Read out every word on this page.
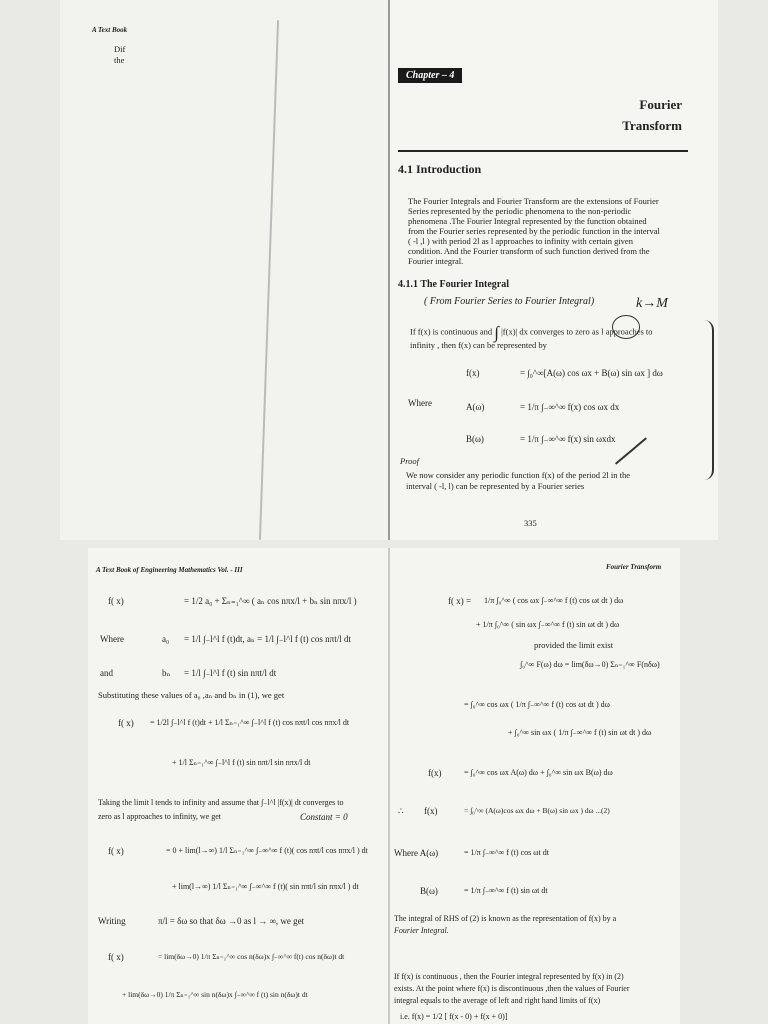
A Text Book
Dif
the
Chapter – 4
Fourier
Transform
4.1 Introduction
The Fourier Integrals and Fourier Transform are the extensions of Fourier
Series represented by the periodic phenomena to the non-periodic
phenomena .The Fourier Integral represented by the function obtained
from the Fourier series represented by the periodic function in the interval
( -l ,l ) with period 2l as l approaches to infinity with certain given
condition. And the Fourier transform of such function derived from the
Fourier integral.
4.1.1 The Fourier Integral
( From Fourier Series to Fourier Integral)	k→M
If f(x) is continuous and ∫ |f(x)| dx converges to zero as l approaches to
infinity , then f(x) can be represented by
f(x)	= ∫₀^∞[A(ω) cos ωx + B(ω) sin ωx ] dω
Where	A(ω)	= 1/π ∫₋∞^∞ f(x) cos ωx dx
B(ω)	= 1/π ∫₋∞^∞ f(x) sin ωxdx
Proof
We now consider any periodic function f(x) of the period 2l in the
interval ( -l, l) can be represented by a Fourier series
335
A Text Book of Engineering Mathematics Vol. - III
f( x)	= 1/2 a₀ + Σₙ₌₁^∞ ( aₙ cos nπx/l + bₙ sin nπx/l )
Where	a₀ = 1/l ∫₋l^l f (t)dt, aₙ = 1/l ∫₋l^l f (t) cos nπt/l dt
and	bₙ = 1/l ∫₋l^l f (t) sin nπt/l dt
Substituting these values of a₀ ,aₙ and bₙ in (1), we get
f( x) = 1/2l ∫₋l^l f (t)dt + 1/l Σₙ₌₁^∞ ∫₋l^l f (t) cos nπt/l cos nπx/l dt
+ 1/l Σₙ₌₁^∞ ∫₋l^l f (t) sin nπt/l sin nπx/l dt
Taking the limit l tends to infinity and assume that ∫₋l^l |f(x)| dt converges to
zero as l approaches to infinity, we get	Constant = 0
f( x)	= 0 + lim(l→∞) 1/l Σₙ₌₁^∞ ∫₋∞^∞ f (t)( cos nπt/l cos nπx/l ) dt
+ lim(l→∞) 1/l Σₙ₌₁^∞ ∫₋∞^∞ f (t)( sin nπt/l sin nπx/l ) dt
Writing	π/l = δω so that δω →0 as l → ∞, we get
f( x)	= lim(δω→0) 1/π Σₙ₌₁^∞ cos n(δω)x ∫₋∞^∞ f(t) cos n(δω)t dt
+ lim(δω→0) 1/π Σₙ₌₁^∞ sin n(δω)x ∫₋∞^∞ f (t) sin n(δω)t dt
Fourier Transform
f( x) = 1/π ∫₀^∞ ( cos ωx ∫₋∞^∞ f (t) cos ωt dt ) dω
+ 1/π ∫₀^∞ ( sin ωx ∫₋∞^∞ f (t) sin ωt dt ) dω
provided the limit exist
∫₀^∞ F(ω) dω = lim(δω→0) Σₙ₌₁^∞ F(nδω)
= ∫₀^∞ cos ωx ( 1/π ∫₋∞^∞ f (t) cos ωt dt ) dω
+ ∫₀^∞ sin ωx ( 1/π ∫₋∞^∞ f (t) sin ωt dt ) dω
f(x)	= ∫₀^∞ cos ωx A(ω) dω + ∫₀^∞ sin ωx B(ω) dω
∴ f(x)	= ∫₀^∞ (A(ω)cos ωx dω + B(ω) sin ωx ) dω ...(2)
Where A(ω)	= 1/π ∫₋∞^∞ f (t) cos ωt dt
B(ω)	= 1/π ∫₋∞^∞ f (t) sin ωt dt
The integral of RHS of (2) is known as the representation of f(x) by a
Fourier Integral.
If f(x) is continuous , then the Fourier integral represented by f(x) in (2)
exists. At the point where f(x) is discontinuous ,then the values of Fourier
integral equals to the average of left and right hand limits of f(x)
i.e. f(x) = 1/2 [ f(x - 0) + f(x + 0)]
